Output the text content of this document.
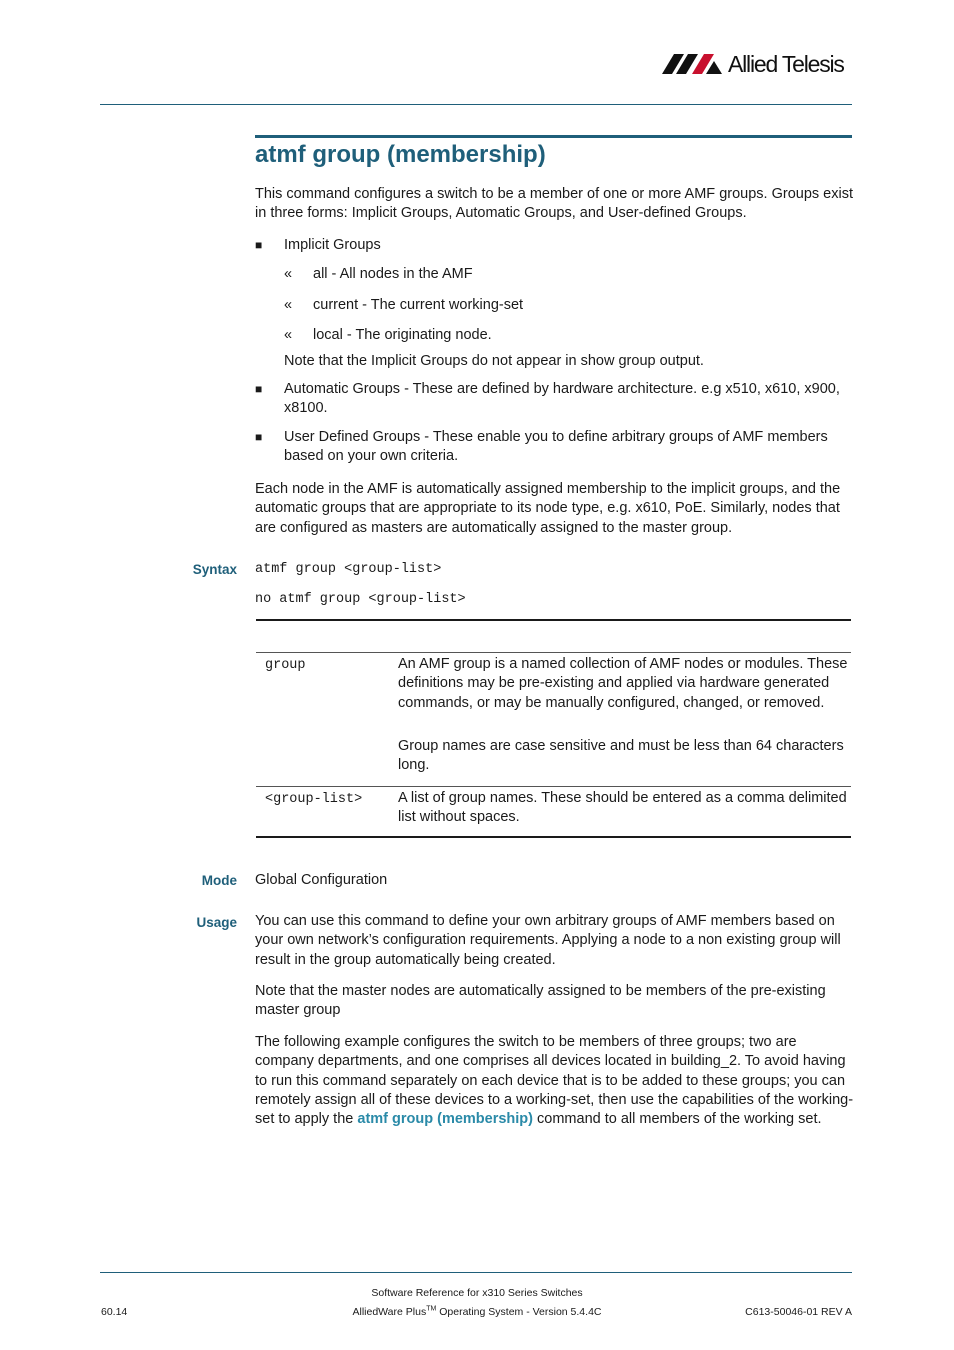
Allied Telesis
atmf group (membership)
This command configures a switch to be a member of one or more AMF groups. Groups exist in three forms: Implicit Groups, Automatic Groups, and User-defined Groups.
■ Implicit Groups
« all - All nodes in the AMF
« current - The current working-set
« local - The originating node.
Note that the Implicit Groups do not appear in show group output.
■ Automatic Groups - These are defined by hardware architecture. e.g x510, x610, x900, x8100.
■ User Defined Groups - These enable you to define arbitrary groups of AMF members based on your own criteria.
Each node in the AMF is automatically assigned membership to the implicit groups, and the automatic groups that are appropriate to its node type, e.g. x610, PoE. Similarly, nodes that are configured as masters are automatically assigned to the master group.
Syntax atmf group <group-list>
no atmf group <group-list>
group	An AMF group is a named collection of AMF nodes or modules. These definitions may be pre-existing and applied via hardware generated commands, or may be manually configured, changed, or removed.
Group names are case sensitive and must be less than 64 characters long.
<group-list> A list of group names. These should be entered as a comma delimited list without spaces.
Mode Global Configuration
Usage You can use this command to define your own arbitrary groups of AMF members based on your own network’s configuration requirements. Applying a node to a non existing group will result in the group automatically being created.
Note that the master nodes are automatically assigned to be members of the pre-existing master group
The following example configures the switch to be members of three groups; two are company departments, and one comprises all devices located in building_2. To avoid having to run this command separately on each device that is to be added to these groups; you can remotely assign all of these devices to a working-set, then use the capabilities of the working-set to apply the atmf group (membership) command to all members of the working set.
Software Reference for x310 Series Switches
AlliedWare Plus™ Operating System - Version 5.4.4C
60.14	C613-50046-01 REV A
